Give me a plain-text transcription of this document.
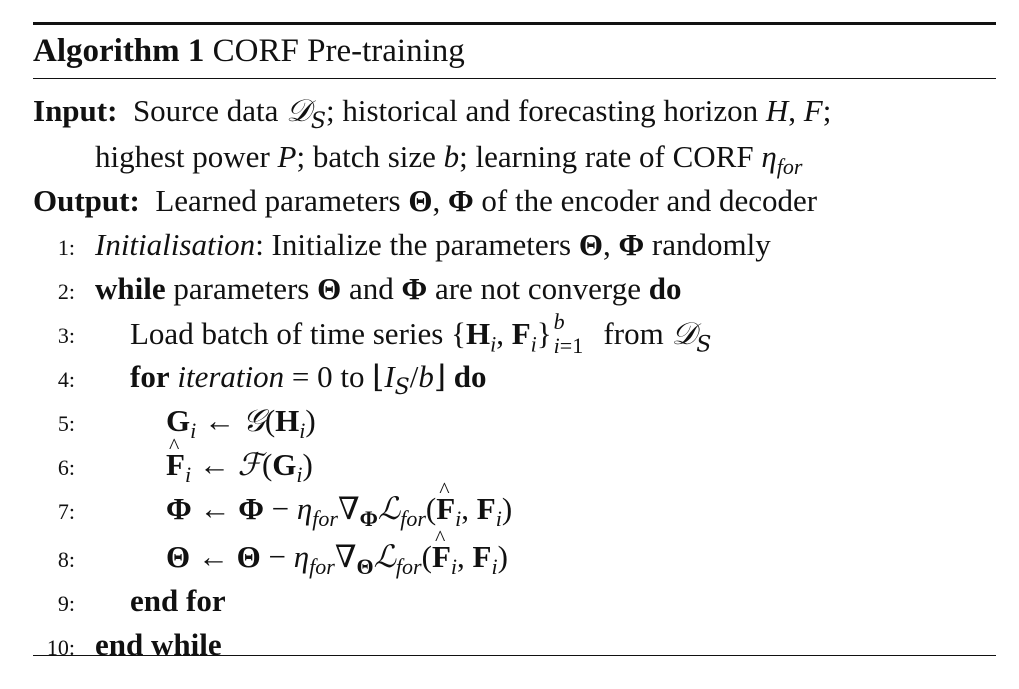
Algorithm 1 CORF Pre-training
Input:  Source data 𝒟$_S$; historical and forecasting horizon H, F;
highest power P; batch size b; learning rate of CORF $\eta_{for}$
Output:  Learned parameters Θ, Φ of the encoder and decoder
1: Initialisation: Initialize the parameters Θ, Φ randomly
2: while parameters Θ and Φ are not converge do
3: Load batch of time series {$H_i$, $F_i$} b
i=1 from 𝒟$_S$
4: for iteration = 0 to $⌊I_S/b⌋$ do
5:	$G_i$ ← $𝒢(H_i)$
6:
^	$F_i$ ← $ℱ(G_i)$
7:	Φ ← $\Phi - \eta_{for}\nabla_\Phi ℒ_{for}(\^{}$ $F_i$, $F_i$)
8:	Θ ← $\Theta - \eta_{for}\nabla_\Theta ℒ_{for}(\^{}$ $F_i$, $F_i$)
9: end for
10: end while
